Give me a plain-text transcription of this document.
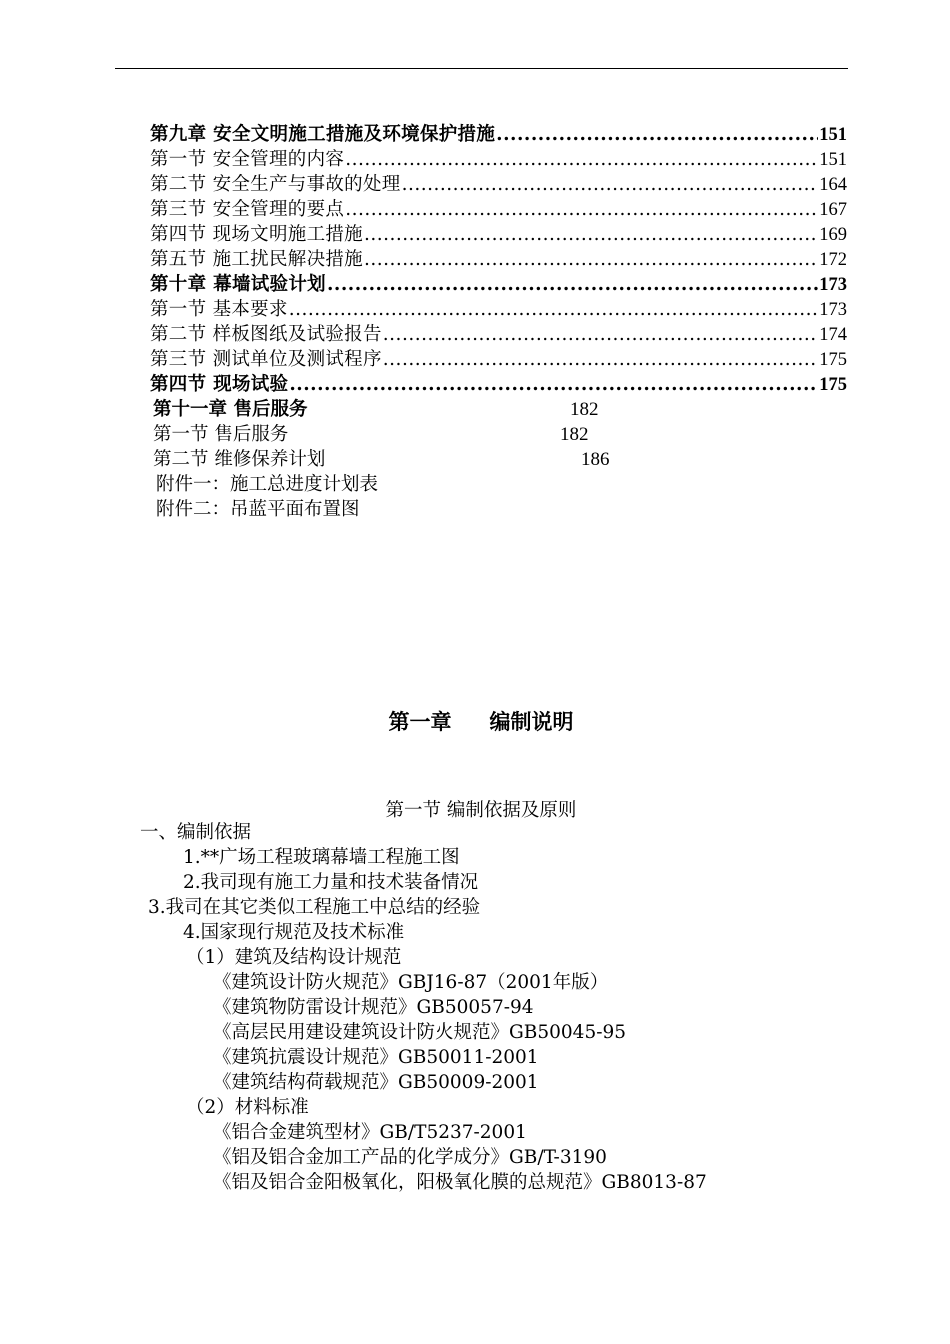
第九章 安全文明施工措施及环境保护措施 .....	151
第一节 安全管理的内容 .....	151
第二节 安全生产与事故的处理 .....	164
第三节 安全管理的要点 .....	167
第四节 现场文明施工措施 .....	169
第五节 施工扰民解决措施 .....	172
第十章 幕墙试验计划 .....	173
第一节 基本要求 .....	173
第二节 样板图纸及试验报告 .....	174
第三节 测试单位及测试程序 .....	175
第四节 现场试验 .....	175
第十一章 售后服务	182
第一节 售后服务	182
第二节 维修保养计划	186
附件一：施工总进度计划表
附件二：吊蓝平面布置图
第一章 编制说明
第一节 编制依据及原则
一、编制依据
1.**广场工程玻璃幕墙工程施工图
2.我司现有施工力量和技术装备情况
3.我司在其它类似工程施工中总结的经验
4.国家现行规范及技术标准
（1）建筑及结构设计规范
《建筑设计防火规范》GBJ16-87（2001年版）
《建筑物防雷设计规范》GB50057-94
《高层民用建设建筑设计防火规范》GB50045-95
《建筑抗震设计规范》GB50011-2001
《建筑结构荷载规范》GB50009-2001
（2）材料标准
《铝合金建筑型材》GB/T5237-2001
《铝及铝合金加工产品的化学成分》GB/T-3190
《铝及铝合金阳极氧化，阳极氧化膜的总规范》GB8013-87
